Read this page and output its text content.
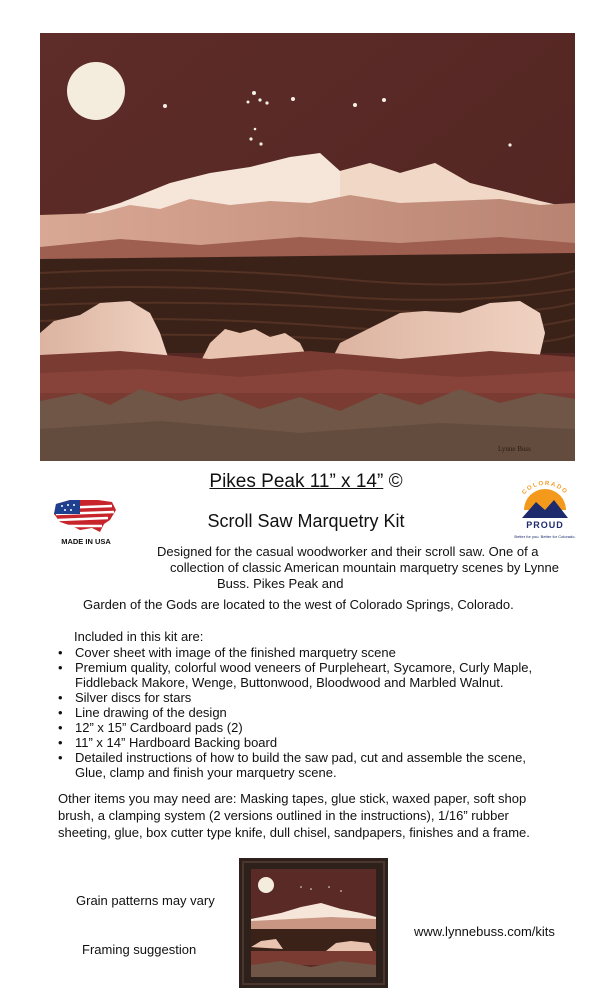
Lynne Buss
Pikes Peak 11” x 14” ©
Scroll Saw Marquetry Kit
MADE IN USA
COLORADO
PROUD
Better for you. Better for Colorado.
Designed for the casual woodworker and their scroll saw. One of a
collection of classic American mountain marquetry scenes by Lynne
Buss. Pikes Peak and
Garden of the Gods are located to the west of Colorado Springs, Colorado.
Included in this kit are:
• Cover sheet with image of the finished marquetry scene
• Premium quality, colorful wood veneers of Purpleheart, Sycamore, Curly Maple,
Fiddleback Makore, Wenge, Buttonwood, Bloodwood and Marbled Walnut.
• Silver discs for stars
• Line drawing of the design
• 12” x 15” Cardboard pads (2)
• 11” x 14” Hardboard Backing board
• Detailed instructions of how to build the saw pad, cut and assemble the scene,
Glue, clamp and finish your marquetry scene.
Other items you may need are: Masking tapes, glue stick, waxed paper, soft shop
brush, a clamping system (2 versions outlined in the instructions), 1/16” rubber
sheeting, glue, box cutter type knife, dull chisel, sandpapers, finishes and a frame.
Grain patterns may vary
Framing suggestion
www.lynnebuss.com/kits
